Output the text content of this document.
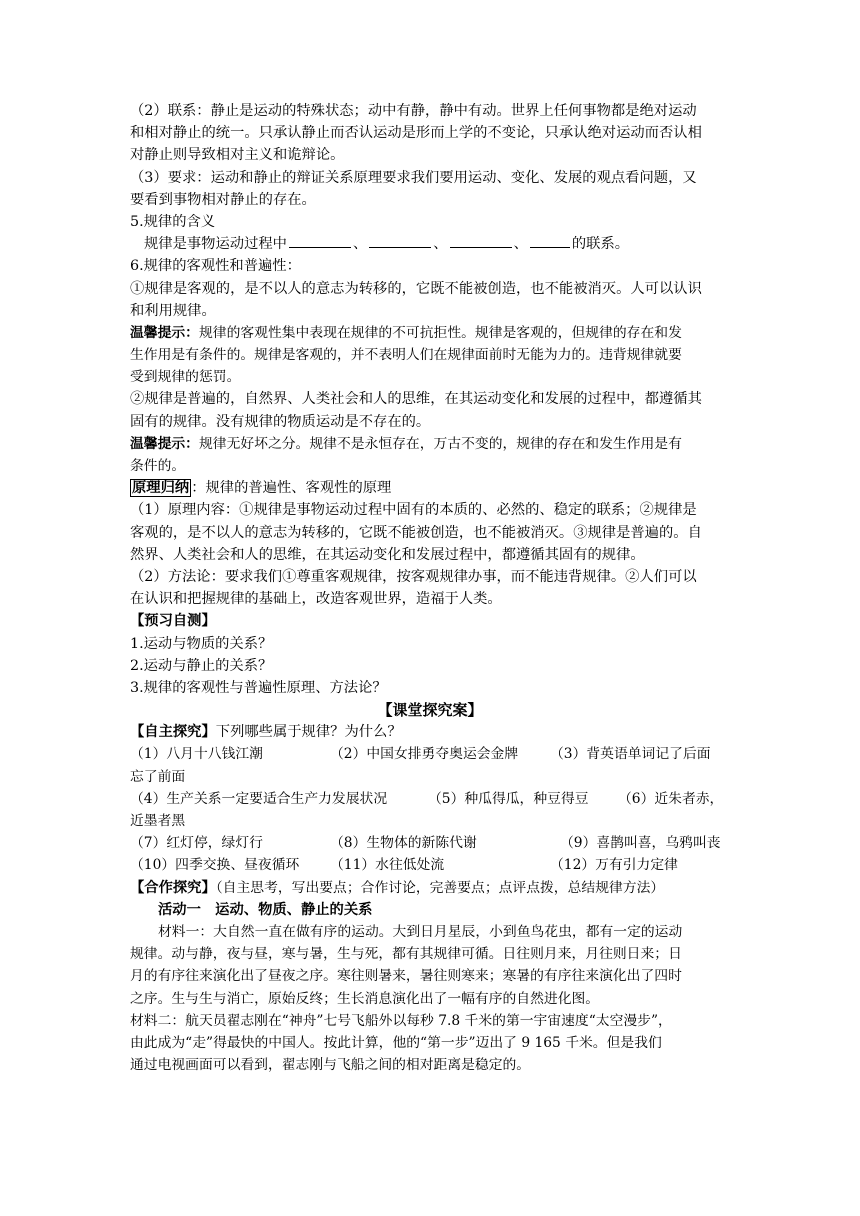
（2）联系：静止是运动的特殊状态；动中有静，静中有动。世界上任何事物都是绝对运动
和相对静止的统一。只承认静止而否认运动是形而上学的不变论，只承认绝对运动而否认相
对静止则导致相对主义和诡辩论。
（3）要求：运动和静止的辩证关系原理要求我们要用运动、变化、发展的观点看问题，又
要看到事物相对静止的存在。
5.规律的含义
规律是事物运动过程中	、	、	、	的联系。
6.规律的客观性和普遍性：
①规律是客观的，是不以人的意志为转移的，它既不能被创造，也不能被消灭。人可以认识
和利用规律。
温馨提示：规律的客观性集中表现在规律的不可抗拒性。规律是客观的，但规律的存在和发
生作用是有条件的。规律是客观的，并不表明人们在规律面前时无能为力的。违背规律就要
受到规律的惩罚。
②规律是普遍的，自然界、人类社会和人的思维，在其运动变化和发展的过程中，都遵循其
固有的规律。没有规律的物质运动是不存在的。
温馨提示：规律无好坏之分。规律不是永恒存在，万古不变的，规律的存在和发生作用是有
条件的。
原理归纳 ：规律的普遍性、客观性的原理
（1）原理内容：①规律是事物运动过程中固有的本质的、必然的、稳定的联系；②规律是
客观的，是不以人的意志为转移的，它既不能被创造，也不能被消灭。③规律是普遍的。自
然界、人类社会和人的思维，在其运动变化和发展过程中，都遵循其固有的规律。
（2）方法论：要求我们①尊重客观规律，按客观规律办事，而不能违背规律。②人们可以
在认识和把握规律的基础上，改造客观世界，造福于人类。
【预习自测】
1.运动与物质的关系？
2.运动与静止的关系？
3.规律的客观性与普遍性原理、方法论？
【课堂探究案】
【自主探究】下列哪些属于规律？为什么？
（1）八月十八钱江潮	（2）中国女排勇夺奥运会金牌 （3）背英语单词记了后面
忘了前面
（4）生产关系一定要适合生产力发展状况	（5）种瓜得瓜，种豆得豆 （6）近朱者赤，
近墨者黑
（7）红灯停，绿灯行	（8）生物体的新陈代谢	（9）喜鹊叫喜，乌鸦叫丧
（10）四季交换、昼夜循环 （11）水往低处流	（12）万有引力定律
【合作探究】（自主思考，写出要点；合作讨论，完善要点；点评点拨，总结规律方法）
活动一　运动、物质、静止的关系
材料一：大自然一直在做有序的运动。大到日月星辰，小到鱼鸟花虫，都有一定的运动
规律。动与静，夜与昼，寒与暑，生与死，都有其规律可循。日往则月来，月往则日来；日
月的有序往来演化出了昼夜之序。寒往则暑来，暑往则寒来；寒暑的有序往来演化出了四时
之序。生与生与消亡，原始反终；生长消息演化出了一幅有序的自然进化图。
材料二：航天员翟志刚在“神舟”七号飞船外以每秒 7.8 千米的第一宇宙速度“太空漫步”，
由此成为“走”得最快的中国人。按此计算，他的“第一步”迈出了 9 165 千米。但是我们
通过电视画面可以看到，翟志刚与飞船之间的相对距离是稳定的。
